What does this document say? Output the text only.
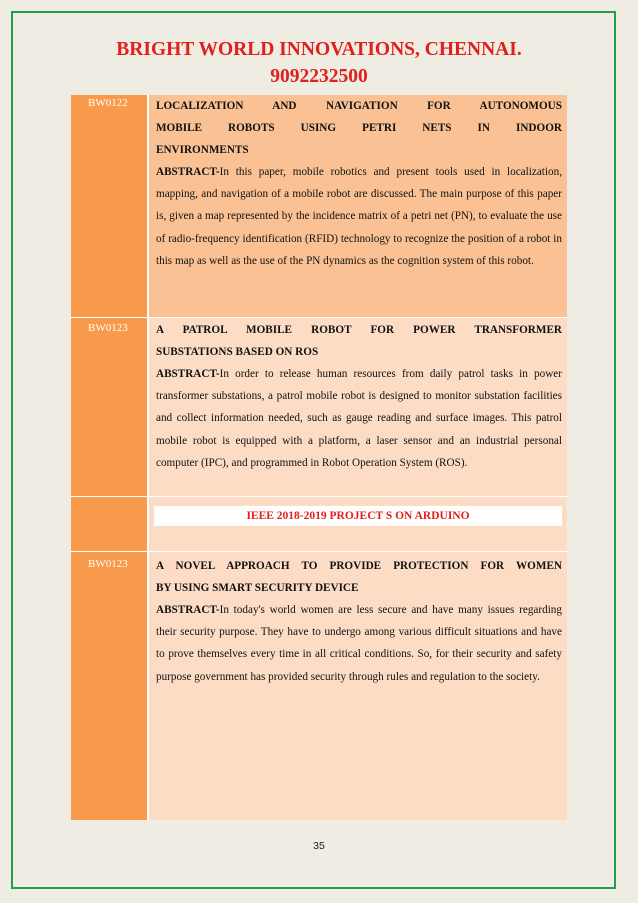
BRIGHT WORLD INNOVATIONS, CHENNAI.
9092232500
BW0122	LOCALIZATION AND NAVIGATION FOR AUTONOMOUS
MOBILE ROBOTS USING PETRI NETS IN INDOOR
ENVIRONMENTS
ABSTRACT-In this paper, mobile robotics and present tools used in localization, mapping, and navigation of a mobile robot are discussed. The main purpose of this paper is, given a map represented by the incidence matrix of a petri net (PN), to evaluate the use of radio-frequency identification (RFID) technology to recognize the position of a robot in this map as well as the use of the PN dynamics as the cognition system of this robot.

BW0123	A PATROL MOBILE ROBOT FOR POWER TRANSFORMER
SUBSTATIONS BASED ON ROS
ABSTRACT-In order to release human resources from daily patrol tasks in power transformer substations, a patrol mobile robot is designed to monitor substation facilities and collect information needed, such as gauge reading and surface images. This patrol mobile robot is equipped with a platform, a laser sensor and an industrial personal computer (IPC), and programmed in Robot Operation System (ROS).

	IEEE 2018-2019 PROJECT S ON ARDUINO

BW0123	A NOVEL APPROACH TO PROVIDE PROTECTION FOR WOMEN
BY USING SMART SECURITY DEVICE
ABSTRACT-In today's world women are less secure and have many issues regarding their security purpose. They have to undergo among various difficult situations and have to prove themselves every time in all critical conditions. So, for their security and safety purpose government has provided security through rules and regulation to the society.
35
